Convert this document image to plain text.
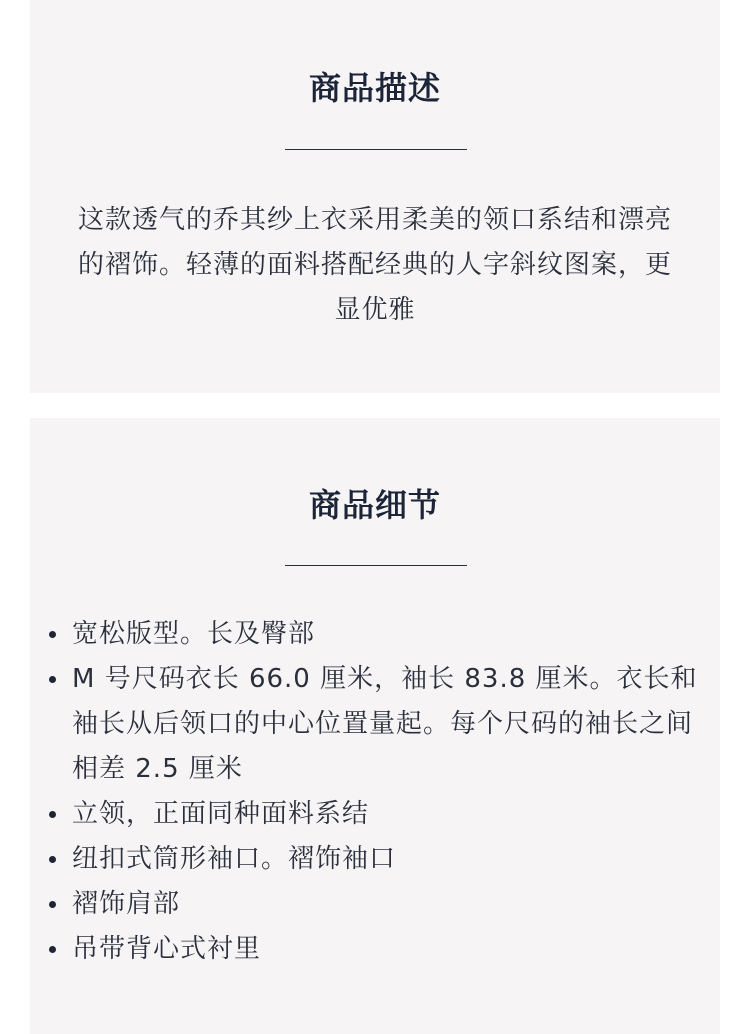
商品描述

这款透气的乔其纱上衣采用柔美的领口系结和漂亮的褶饰。轻薄的面料搭配经典的人字斜纹图案，更显优雅

商品细节
宽松版型。长及臀部
M 号尺码衣长 66.0 厘米，袖长 83.8 厘米。衣长和袖长从后领口的中心位置量起。每个尺码的袖长之间相差 2.5 厘米
立领，正面同种面料系结
纽扣式筒形袖口。褶饰袖口
褶饰肩部
吊带背心式衬里
